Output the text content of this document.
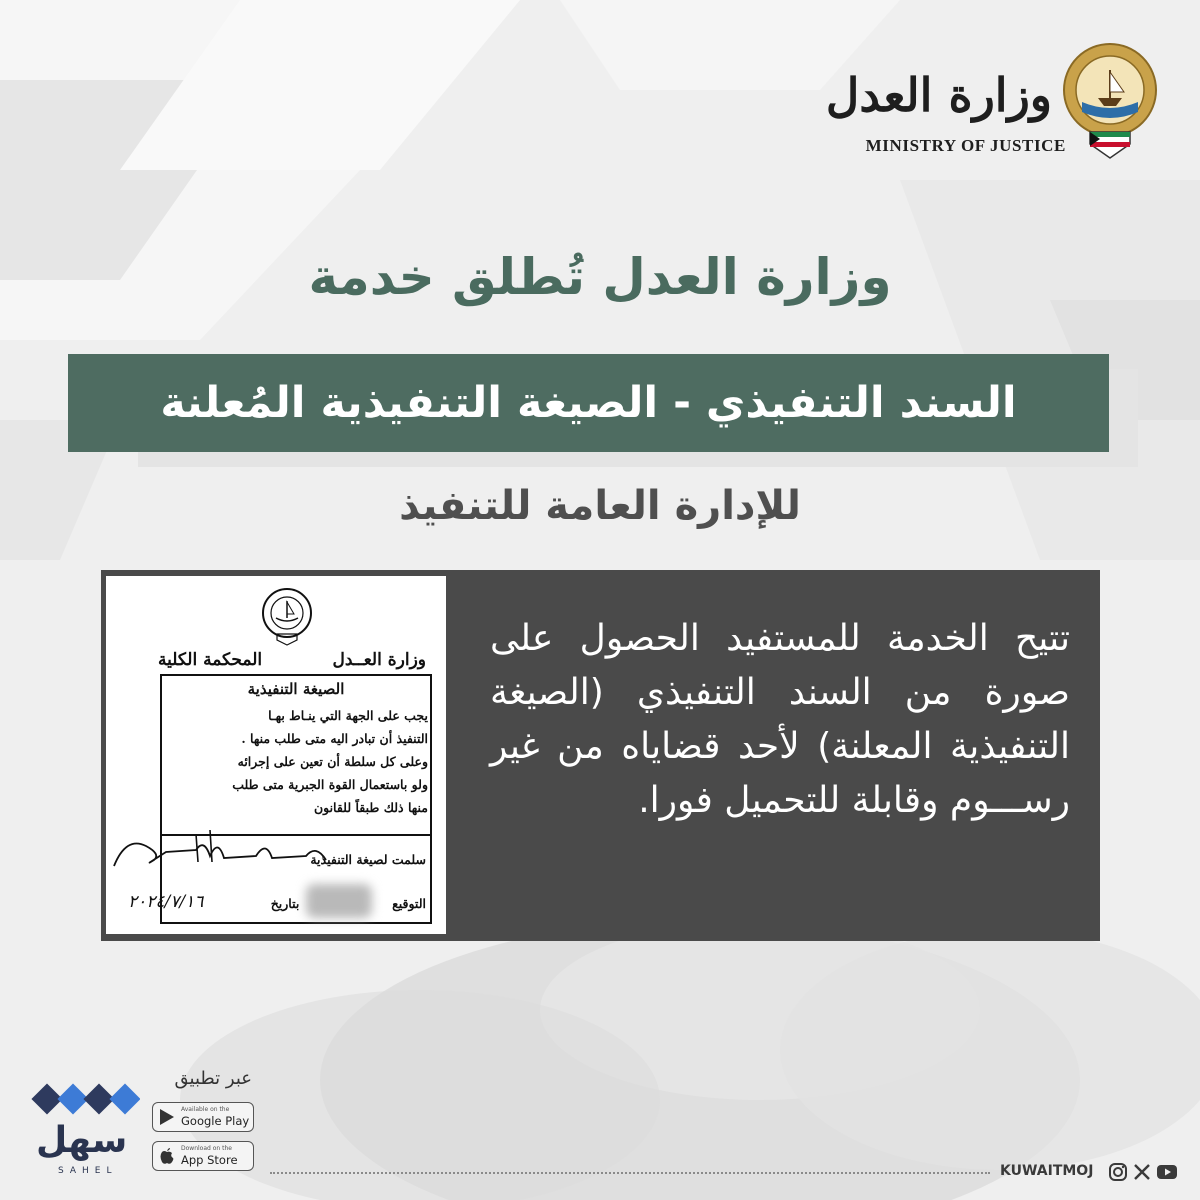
وزارة العدل
MINISTRY OF JUSTICE
وزارة العدل تُطلق خدمة
السند التنفيذي - الصيغة التنفيذية المُعلنة
للإدارة العامة للتنفيذ
تتيح الخدمة للمستفيد الحصول على صورة من السند التنفيذي (الصيغة التنفيذية المعلنة) لأحد قضاياه من غير رســـوم وقابلة للتحميل فورا.
المحكمة الكلية	وزارة العــدل
الصيغة التنفيذية
يجب على الجهة التي ينـاط بهـا
التنفيذ أن تبادر اليه متى طلب منها .
وعلى كل سلطة أن تعين على إجرائه
ولو باستعمال القوة الجبرية متى طلب
منها ذلك طبقاً للقانون
سلمت لصيغة التنفيذية
التوقيع  بتاريخ
٢٠٢٤/٧/١٦
سهل
SAHEL
عبر تطبيق
Available on the
Google Play
Download on the
App Store
KUWAITMOJ
